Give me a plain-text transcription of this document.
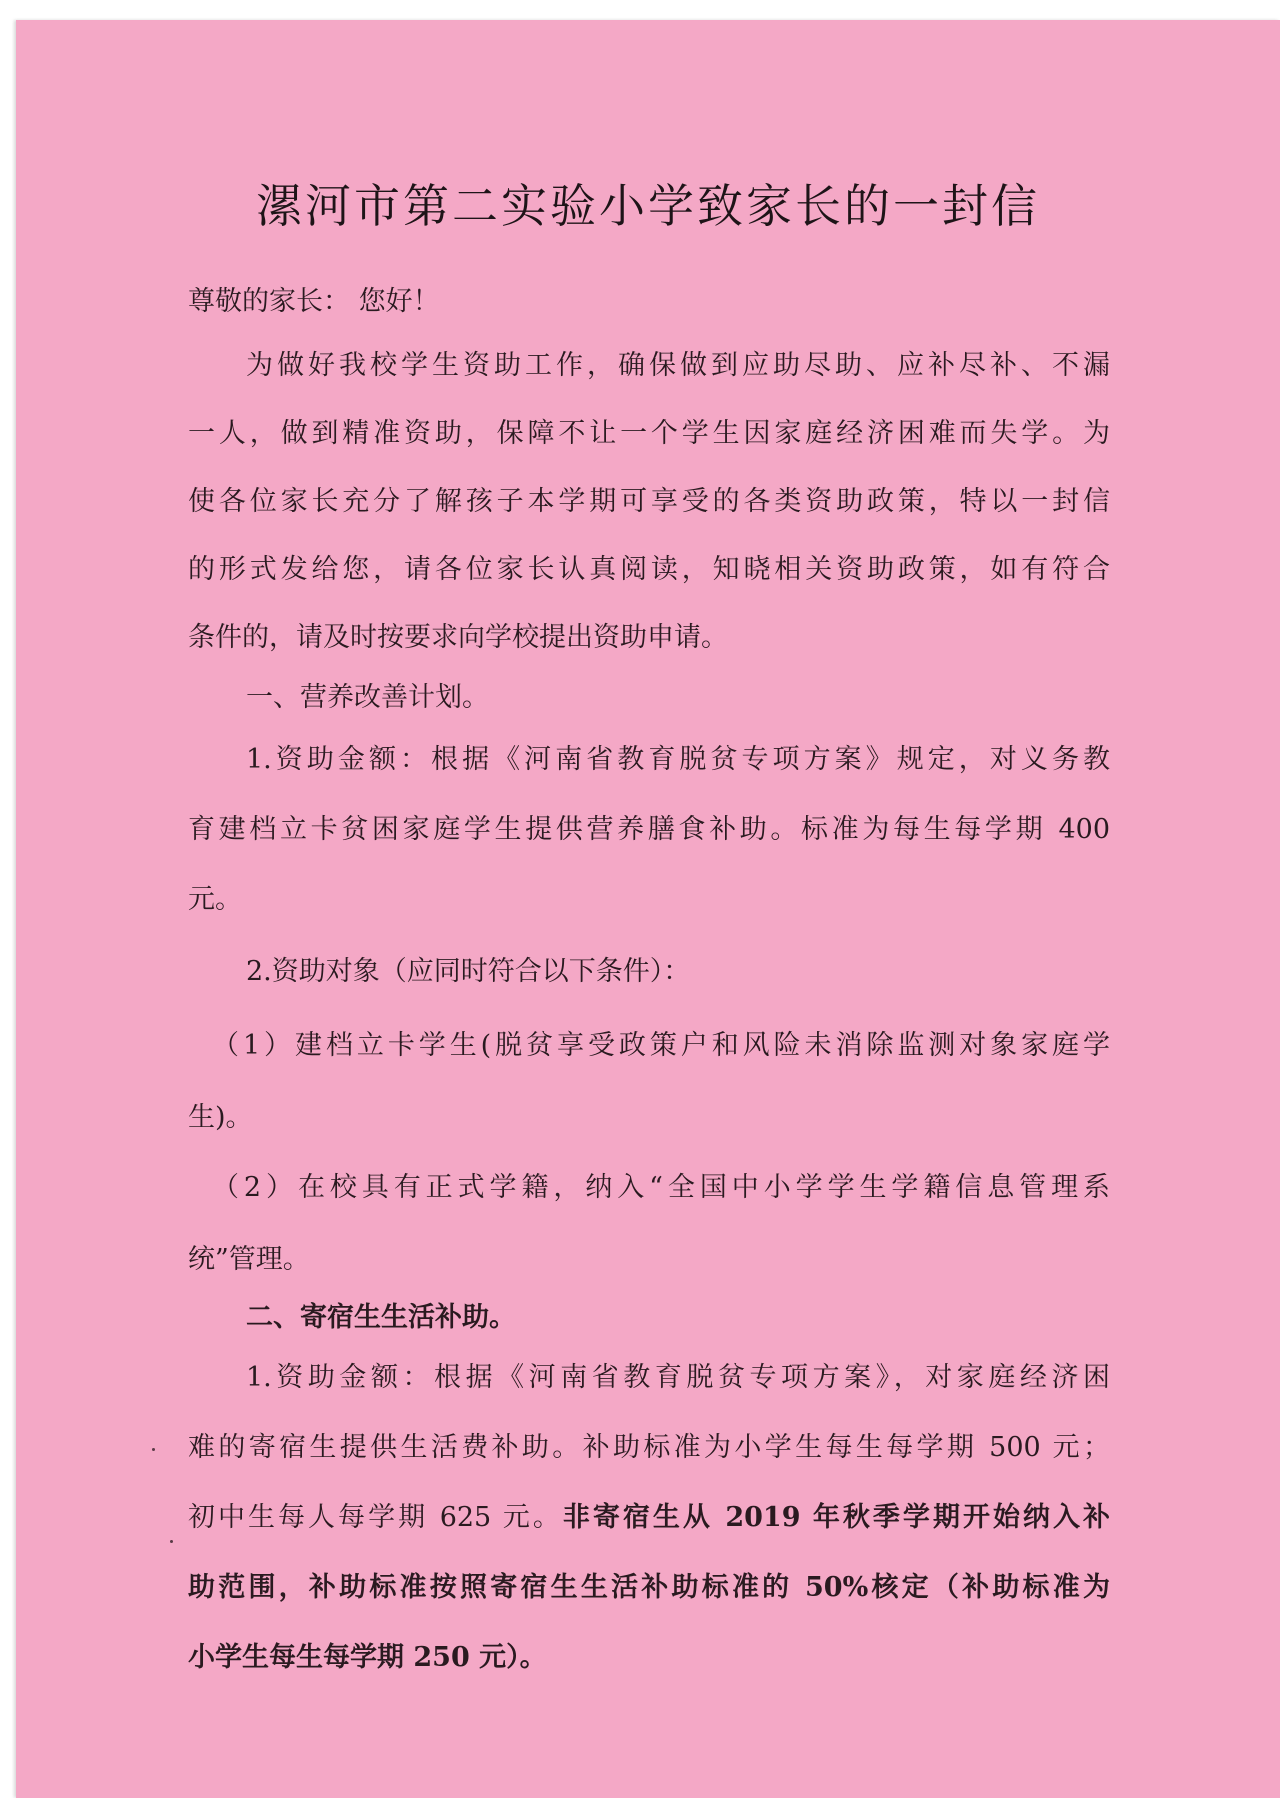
漯河市第二实验小学致家长的一封信

尊敬的家长： 您好！

为做好我校学生资助工作，确保做到应助尽助、应补尽补、不漏

一人，做到精准资助，保障不让一个学生因家庭经济困难而失学。为

使各位家长充分了解孩子本学期可享受的各类资助政策，特以一封信

的形式发给您，请各位家长认真阅读，知晓相关资助政策，如有符合

条件的，请及时按要求向学校提出资助申请。

一、营养改善计划。

1.资助金额：根据《河南省教育脱贫专项方案》规定，对义务教

育建档立卡贫困家庭学生提供营养膳食补助。标准为每生每学期 400

元。

2.资助对象（应同时符合以下条件）：

（1）建档立卡学生(脱贫享受政策户和风险未消除监测对象家庭学

生)。

（2）在校具有正式学籍，纳入“全国中小学学生学籍信息管理系

统”管理。

二、寄宿生生活补助。

1.资助金额：根据《河南省教育脱贫专项方案》，对家庭经济困

难的寄宿生提供生活费补助。补助标准为小学生每生每学期 500 元；

初中生每人每学期 625 元。非寄宿生从 2019 年秋季学期开始纳入补

助范围，补助标准按照寄宿生生活补助标准的 50%核定（补助标准为

小学生每生每学期 250 元）。
